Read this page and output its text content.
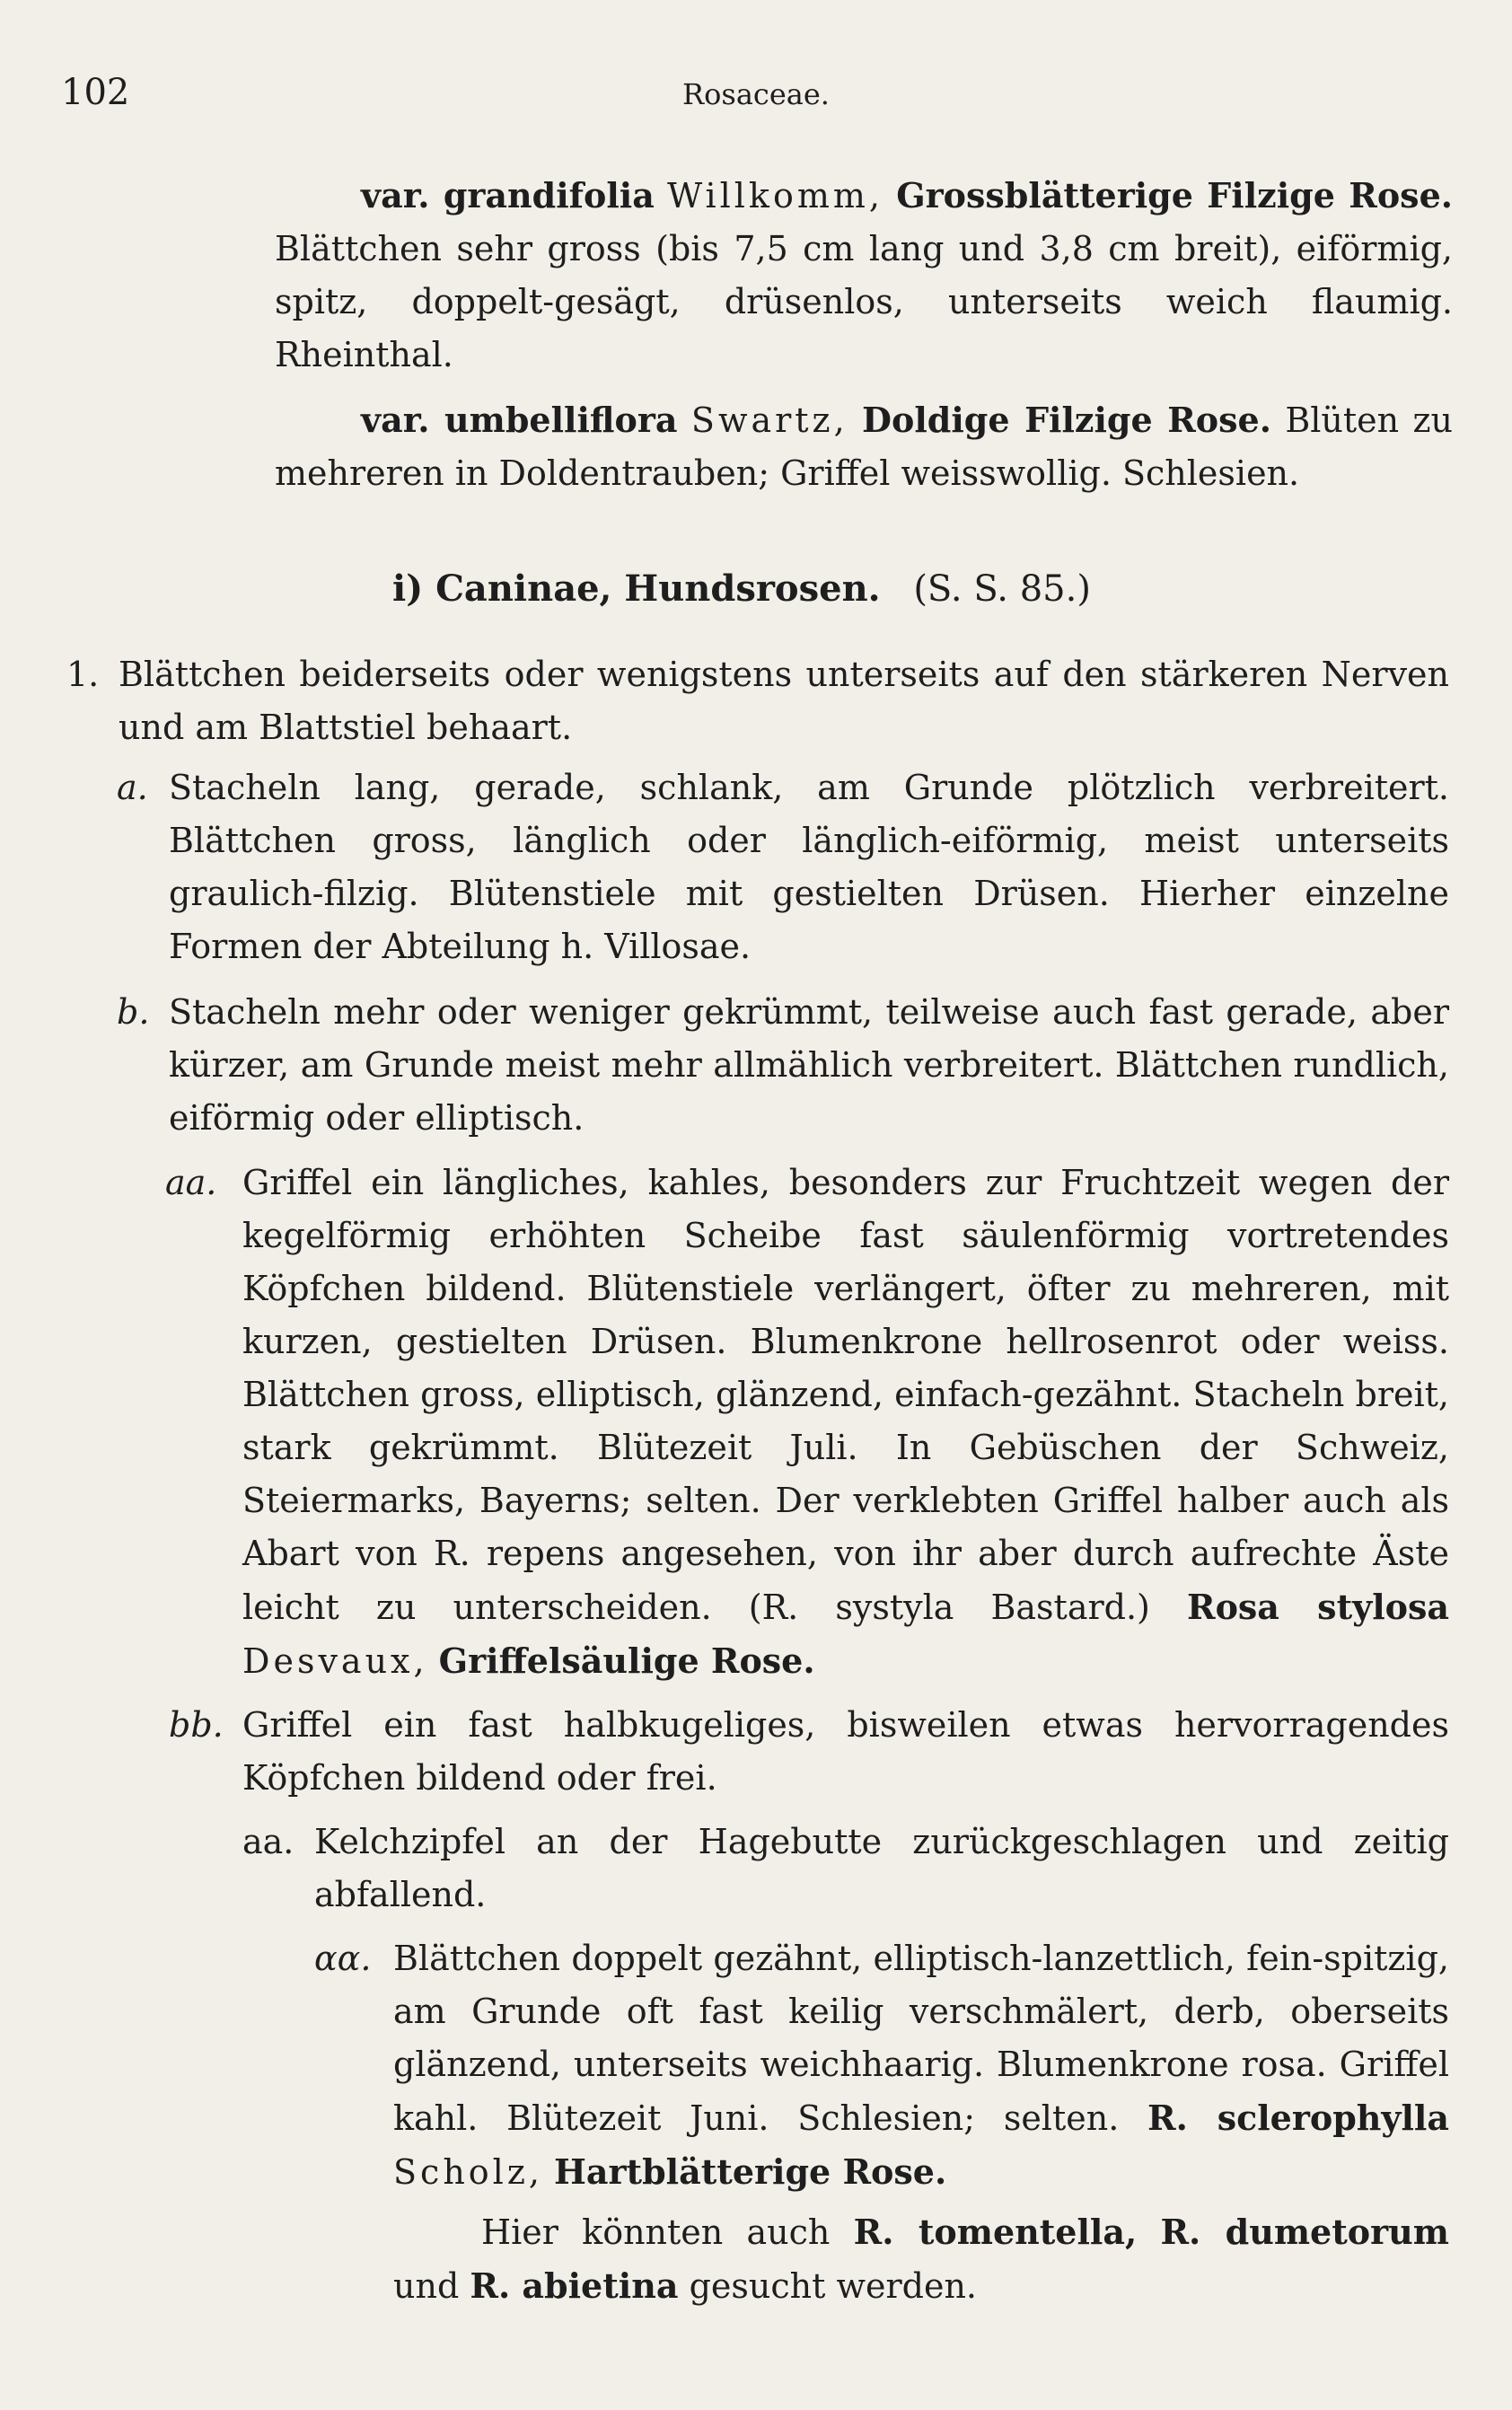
102	Rosaceae.
var. grandifolia Willkomm, Grossblätterige Filzige Rose. Blättchen sehr gross (bis 7,5 cm lang und 3,8 cm breit), eiförmig, spitz, doppelt-gesägt, drüsenlos, unterseits weich flaumig. Rheinthal.
var. umbelliflora Swartz, Doldige Filzige Rose. Blüten zu mehreren in Doldentrauben; Griffel weisswollig. Schlesien.
i) Caninae, Hundsrosen. (S. S. 85.)
1. Blättchen beiderseits oder wenigstens unterseits auf den stärkeren Nerven und am Blattstiel behaart.
a. Stacheln lang, gerade, schlank, am Grunde plötzlich verbreitert. Blättchen gross, länglich oder länglich-eiförmig, meist unterseits graulich-filzig. Blütenstiele mit gestielten Drüsen. Hierher einzelne Formen der Abteilung h. Villosae.
b. Stacheln mehr oder weniger gekrümmt, teilweise auch fast gerade, aber kürzer, am Grunde meist mehr allmählich verbreitert. Blättchen rundlich, eiförmig oder elliptisch.
aa. Griffel ein längliches, kahles, besonders zur Fruchtzeit wegen der kegelförmig erhöhten Scheibe fast säulenförmig vortretendes Köpfchen bildend. Blütenstiele verlängert, öfter zu mehreren, mit kurzen, gestielten Drüsen. Blumenkrone hellrosenrot oder weiss. Blättchen gross, elliptisch, glänzend, einfach-gezähnt. Stacheln breit, stark gekrümmt. Blütezeit Juli. In Gebüschen der Schweiz, Steiermarks, Bayerns; selten. Der verklebten Griffel halber auch als Abart von R. repens angesehen, von ihr aber durch aufrechte Äste leicht zu unterscheiden. (R. systyla Bastard.) Rosa stylosa Desvaux, Griffelsäulige Rose.
bb. Griffel ein fast halbkugeliges, bisweilen etwas hervorragendes Köpfchen bildend oder frei.
aa. Kelchzipfel an der Hagebutte zurückgeschlagen und zeitig abfallend.
αα. Blättchen doppelt gezähnt, elliptisch-lanzettlich, fein-spitzig, am Grunde oft fast keilig verschmälert, derb, oberseits glänzend, unterseits weichhaarig. Blumenkrone rosa. Griffel kahl. Blütezeit Juni. Schlesien; selten. R. sclerophylla Scholz, Hartblätterige Rose.
Hier könnten auch R. tomentella, R. dumetorum und R. abietina gesucht werden.
